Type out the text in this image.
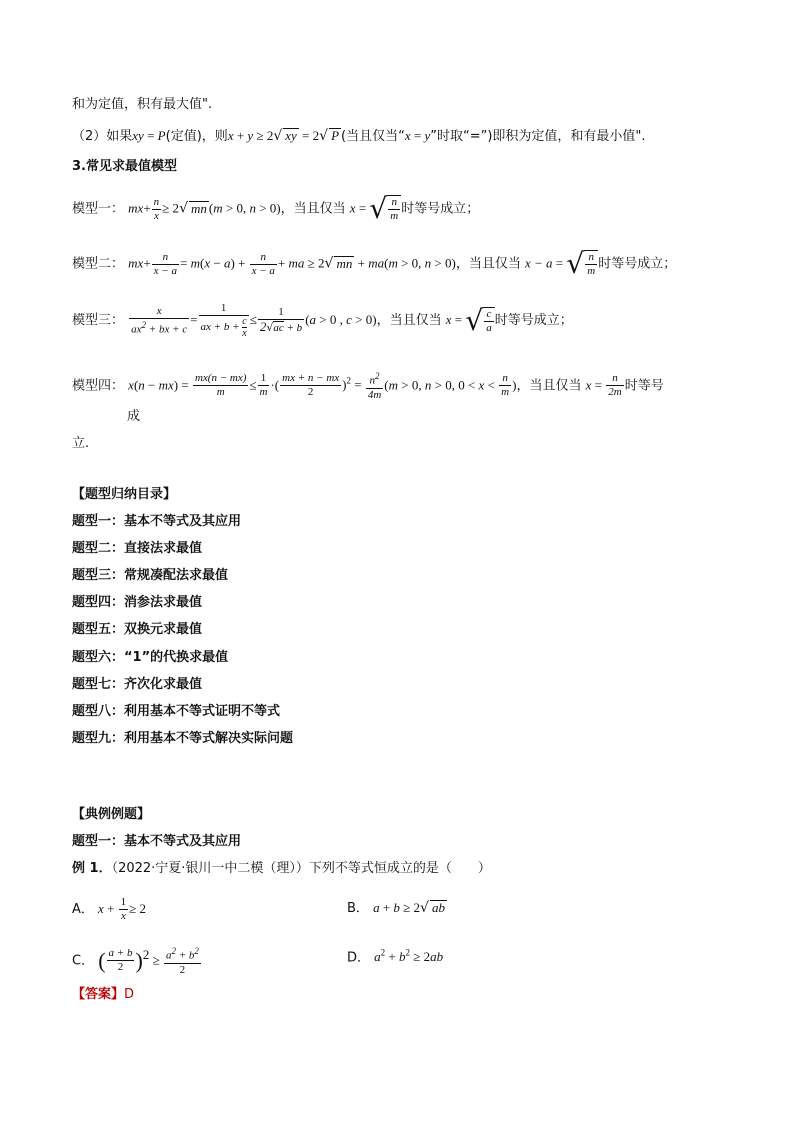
和为定值，积有最大值".
（2）如果xy = P(定值)，则x + y ≥ 2√ xy = 2√ P (当且仅当“x = y”时取“=”)即积为定值，和有最小值".
3.常见求最值模型
模型一： $mx+ \frac{n}{x} \ge 2√$ mn (m > 0, n > 0)，当且仅当 x = √ $\frac{n}{m}$ 时等号成立；
模型二： $mx+ \frac{n}{x - a} = m(x - a) + \frac{n}{x - a}$ + ma ≥ 2√ mn + ma(m > 0, n > 0)，当且仅当 x − a = √ $\frac{n}{m}$ 时等号成立；
模型三： $\frac{x}{ax^2 + bx + c} = \frac{1}{ax + b + \frac{c}{x}} \le \frac{1}{2√ac + b} (a > 0$ , c > 0)，当且仅当 x = √ $\frac{c}{a}$ 时等号成立；
模型四： $x(n - mx) = \frac{mx(n - mx)}{m} \le \frac{1}{m}$ ·( $\frac{mx + n - mx}{2} )^2 = \frac{n^2}{4m} (m > 0$, n > 0, $0 < x < \frac{n}{m}$ )，当且仅当 $x = \frac{n}{2m}$ 时等号
成
立.
【题型归纳目录】
题型一：基本不等式及其应用
题型二：直接法求最值
题型三：常规凑配法求最值
题型四：消参法求最值
题型五：双换元求最值
题型六：“1”的代换求最值
题型七：齐次化求最值
题型八：利用基本不等式证明不等式
题型九：利用基本不等式解决实际问题
【典例例题】
题型一：基本不等式及其应用
例 1．（2022·宁夏·银川一中二模（理））下列不等式恒成立的是（　　）
A． $x + \frac{1}{x} \ge 2$	B． a + b ≥ 2√ ab
C． ( $\frac{a + b}{2} )^2 \ge \frac{a^2 + b^2}{2}$	D． $a^2 + b^2 \ge 2ab$
【答案】D
